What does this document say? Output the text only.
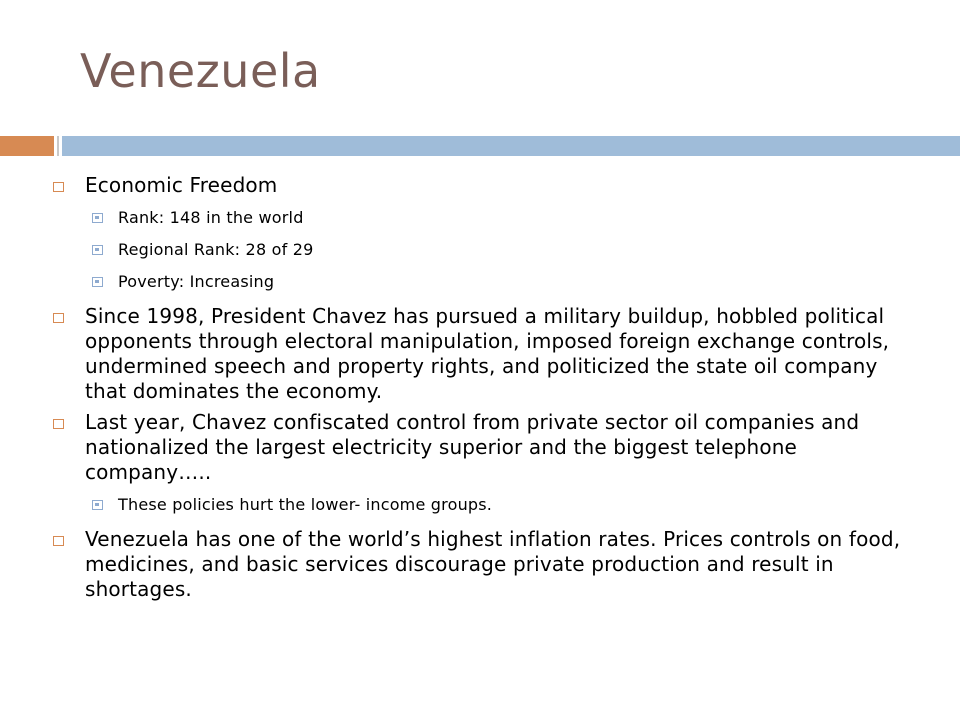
Venezuela
Economic Freedom
Rank: 148 in the world
Regional Rank: 28 of 29
Poverty: Increasing
Since 1998, President Chavez has pursued a military buildup, hobbled political opponents through electoral manipulation, imposed foreign exchange controls, undermined speech and property rights, and politicized the state oil company that dominates the economy.
Last year, Chavez confiscated control from private sector oil companies and nationalized the largest electricity superior and the biggest telephone company…..
These policies hurt the lower- income groups.
Venezuela has one of the world’s highest inflation rates. Prices controls on food, medicines, and basic services discourage private production and result in shortages.
